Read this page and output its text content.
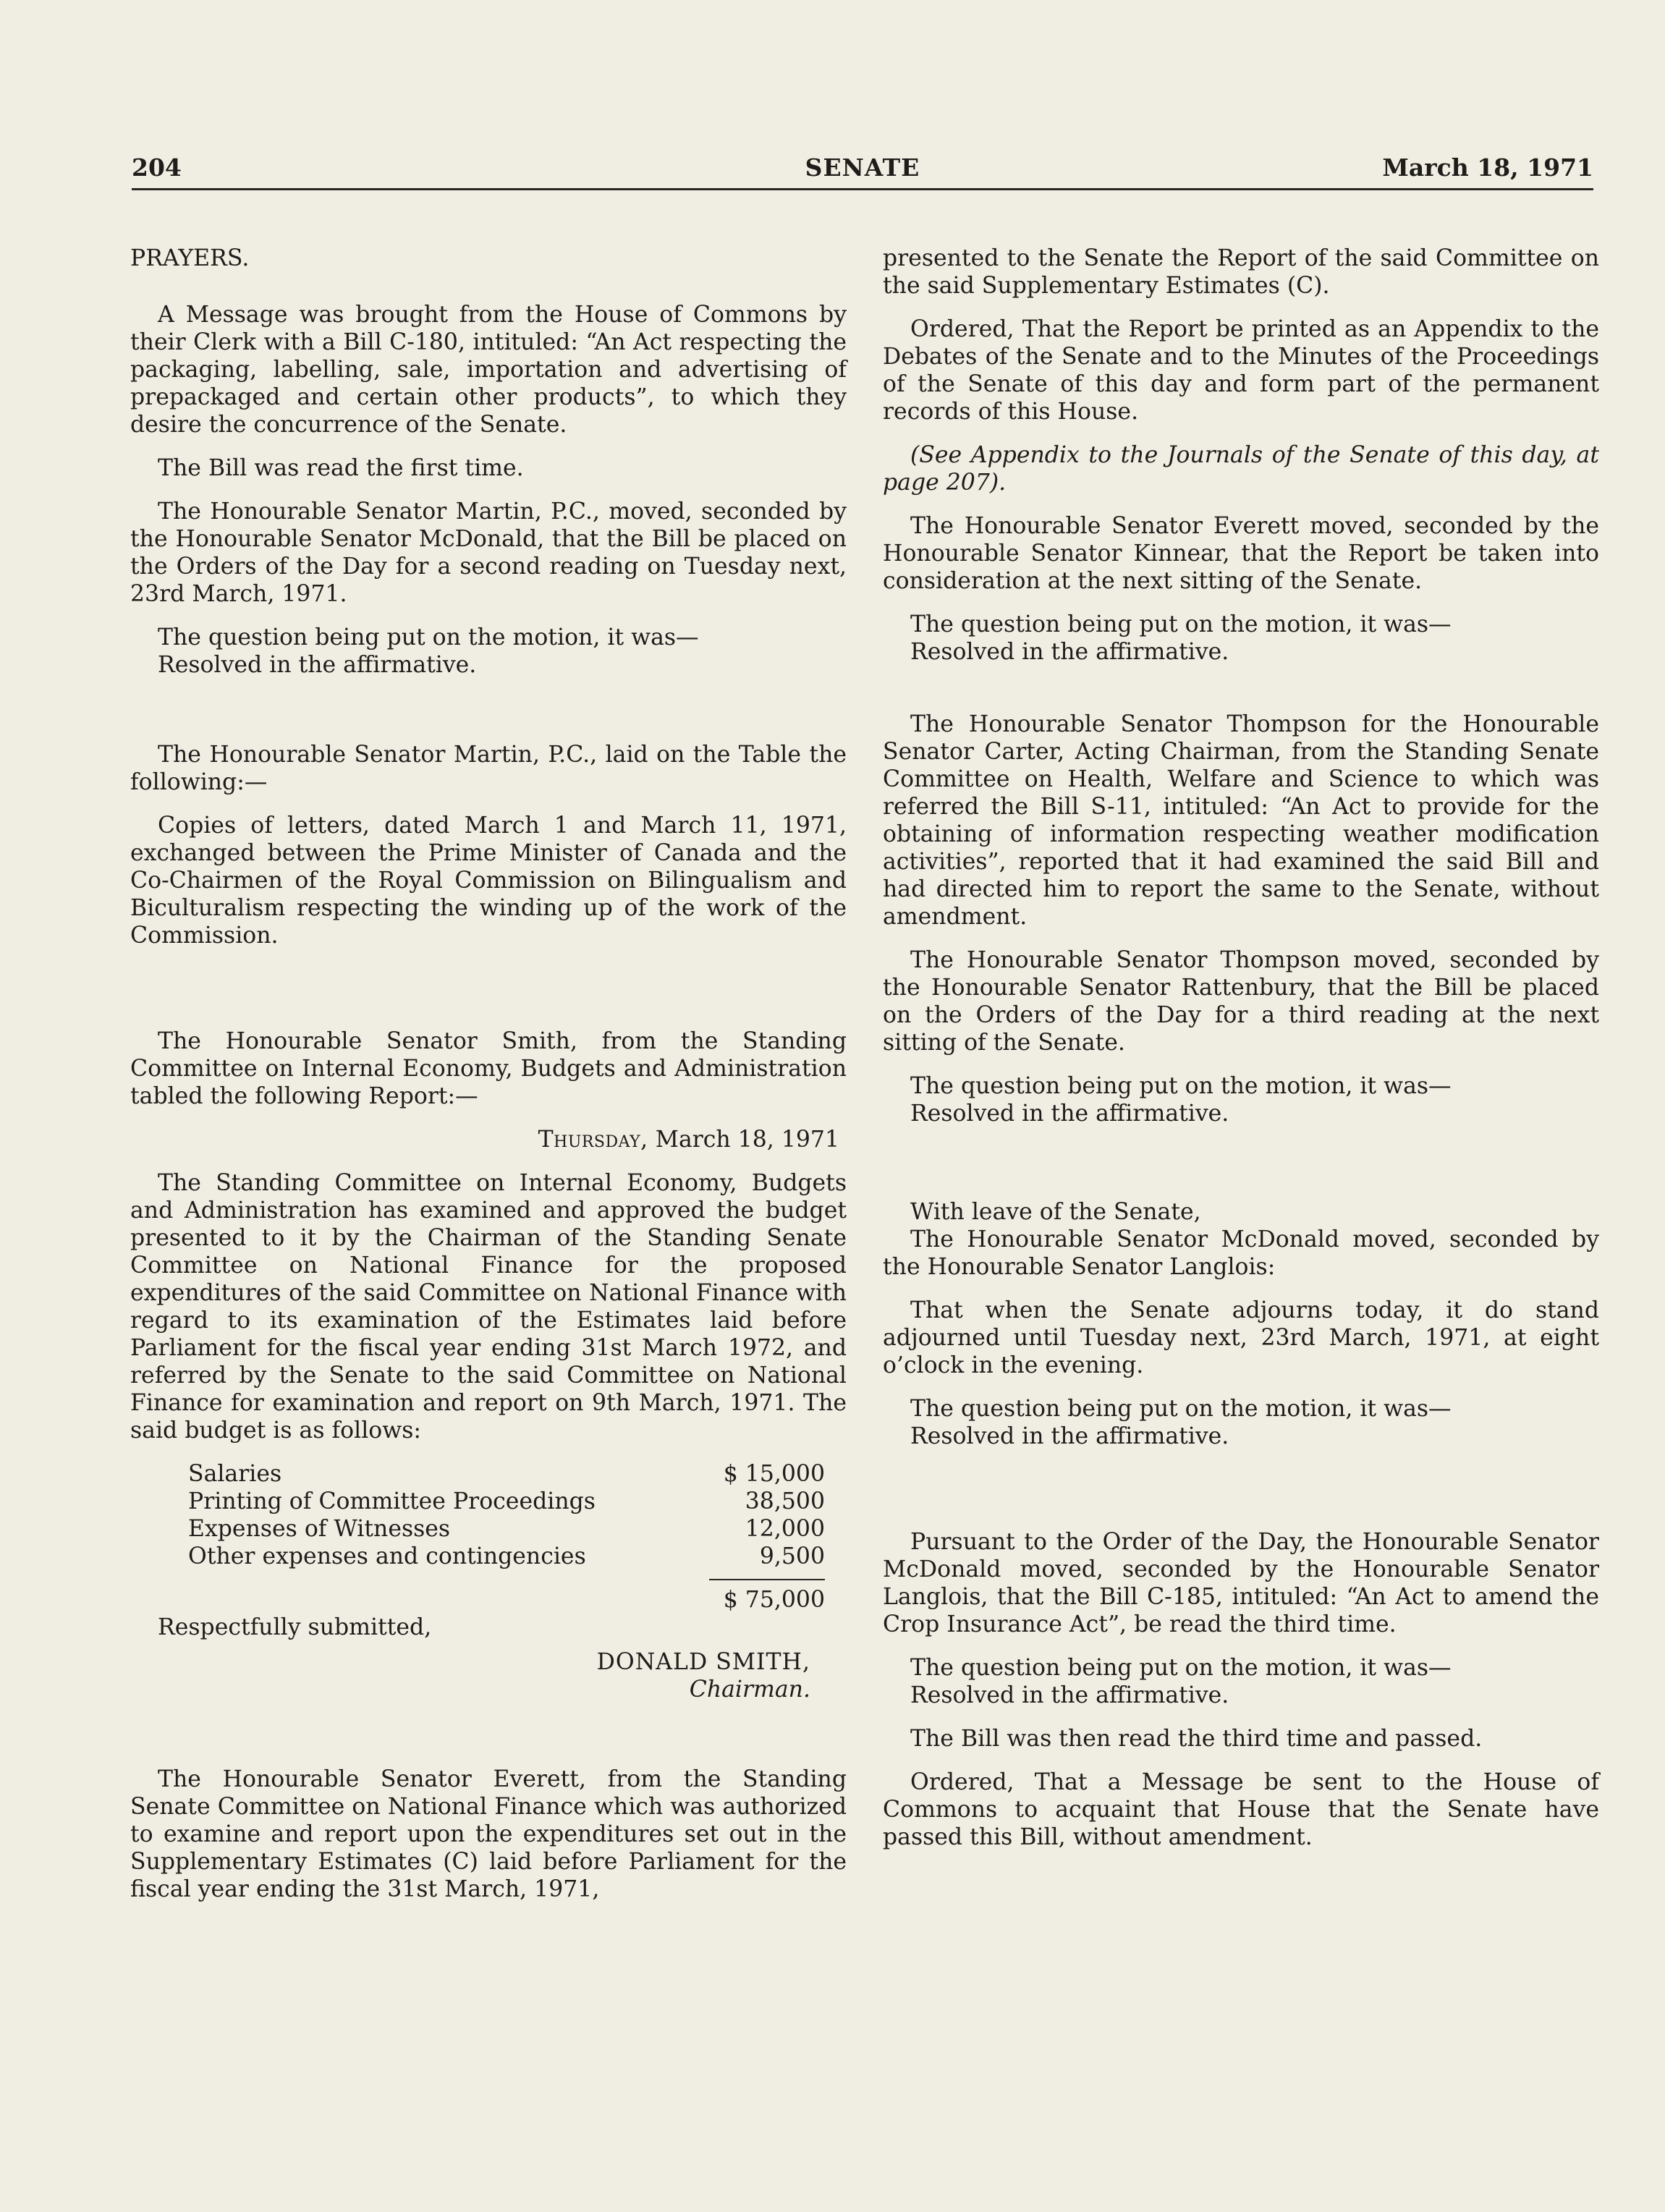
204	SENATE	March 18, 1971

PRAYERS.

A Message was brought from the House of Commons by their Clerk with a Bill C-180, intituled: “An Act respecting the packaging, labelling, sale, importation and advertising of prepackaged and certain other products”, to which they desire the concurrence of the Senate.

The Bill was read the first time.

The Honourable Senator Martin, P.C., moved, seconded by the Honourable Senator McDonald, that the Bill be placed on the Orders of the Day for a second reading on Tuesday next, 23rd March, 1971.

The question being put on the motion, it was—

Resolved in the affirmative.

The Honourable Senator Martin, P.C., laid on the Table the following:—

Copies of letters, dated March 1 and March 11, 1971, exchanged between the Prime Minister of Canada and the Co-Chairmen of the Royal Commission on Bilingualism and Biculturalism respecting the winding up of the work of the Commission.

The Honourable Senator Smith, from the Standing Committee on Internal Economy, Budgets and Administration tabled the following Report:—

Thursday, March 18, 1971

The Standing Committee on Internal Economy, Budgets and Administration has examined and approved the budget presented to it by the Chairman of the Standing Senate Committee on National Finance for the proposed expenditures of the said Committee on National Finance with regard to its examination of the Estimates laid before Parliament for the fiscal year ending 31st March 1972, and referred by the Senate to the said Committee on National Finance for examination and report on 9th March, 1971. The said budget is as follows:

Salaries	$ 15,000
Printing of Committee Proceedings	38,500
Expenses of Witnesses	12,000
Other expenses and contingencies	9,500
$ 75,000

Respectfully submitted,

DONALD SMITH,
Chairman.

The Honourable Senator Everett, from the Standing Senate Committee on National Finance which was authorized to examine and report upon the expenditures set out in the Supplementary Estimates (C) laid before Parliament for the fiscal year ending the 31st March, 1971,

presented to the Senate the Report of the said Committee on the said Supplementary Estimates (C).

Ordered, That the Report be printed as an Appendix to the Debates of the Senate and to the Minutes of the Proceedings of the Senate of this day and form part of the permanent records of this House.

(See Appendix to the Journals of the Senate of this day, at page 207).

The Honourable Senator Everett moved, seconded by the Honourable Senator Kinnear, that the Report be taken into consideration at the next sitting of the Senate.

The question being put on the motion, it was—

Resolved in the affirmative.

The Honourable Senator Thompson for the Honourable Senator Carter, Acting Chairman, from the Standing Senate Committee on Health, Welfare and Science to which was referred the Bill S-11, intituled: “An Act to provide for the obtaining of information respecting weather modification activities”, reported that it had examined the said Bill and had directed him to report the same to the Senate, without amendment.

The Honourable Senator Thompson moved, seconded by the Honourable Senator Rattenbury, that the Bill be placed on the Orders of the Day for a third reading at the next sitting of the Senate.

The question being put on the motion, it was—

Resolved in the affirmative.

With leave of the Senate,

The Honourable Senator McDonald moved, seconded by the Honourable Senator Langlois:

That when the Senate adjourns today, it do stand adjourned until Tuesday next, 23rd March, 1971, at eight o’clock in the evening.

The question being put on the motion, it was—

Resolved in the affirmative.

Pursuant to the Order of the Day, the Honourable Senator McDonald moved, seconded by the Honourable Senator Langlois, that the Bill C-185, intituled: “An Act to amend the Crop Insurance Act”, be read the third time.

The question being put on the motion, it was—

Resolved in the affirmative.

The Bill was then read the third time and passed.

Ordered, That a Message be sent to the House of Commons to acquaint that House that the Senate have passed this Bill, without amendment.
